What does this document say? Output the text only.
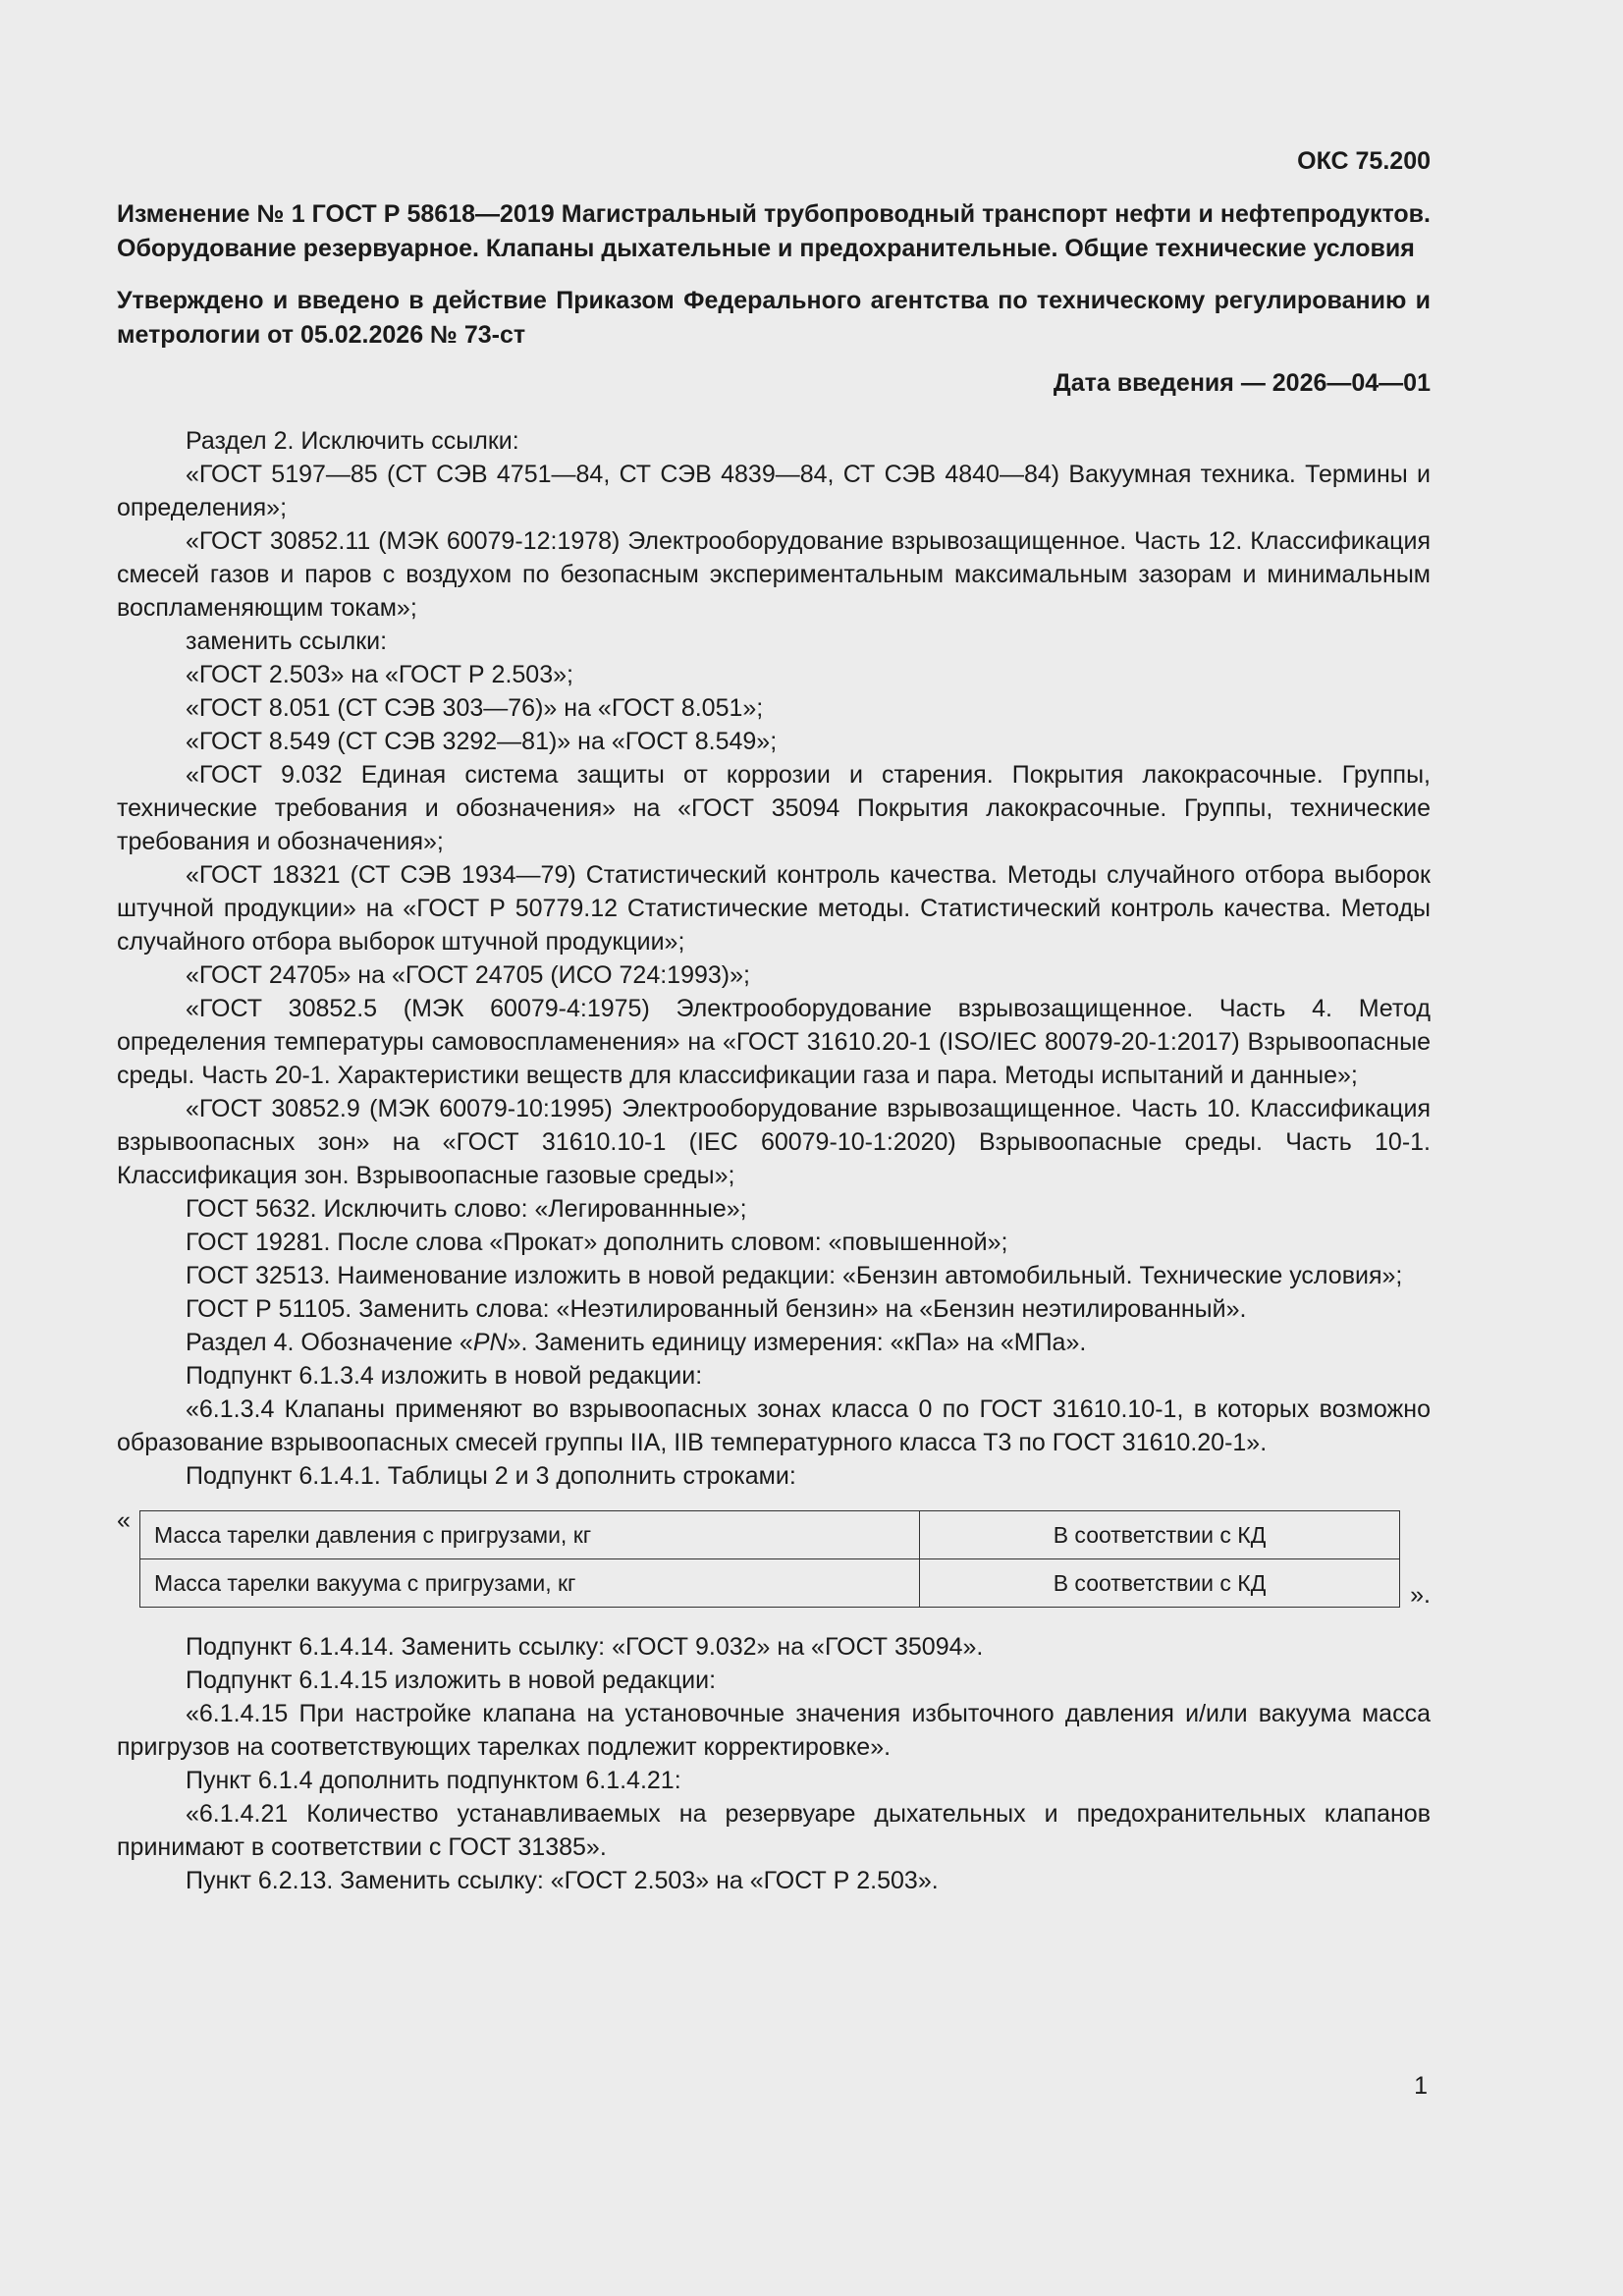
ОКС 75.200
Изменение № 1 ГОСТ Р 58618—2019 Магистральный трубопроводный транспорт нефти и нефтепродуктов. Оборудование резервуарное. Клапаны дыхательные и предохранительные. Общие технические условия
Утверждено и введено в действие Приказом Федерального агентства по техническому регулированию и метрологии от 05.02.2026 № 73-ст
Дата введения — 2026—04—01

Раздел 2. Исключить ссылки:

«ГОСТ 5197—85 (СТ СЭВ 4751—84, СТ СЭВ 4839—84, СТ СЭВ 4840—84) Вакуумная техника. Термины и определения»;

«ГОСТ 30852.11 (МЭК 60079-12:1978) Электрооборудование взрывозащищенное. Часть 12. Классификация смесей газов и паров с воздухом по безопасным экспериментальным максимальным зазорам и минимальным воспламеняющим токам»;

заменить ссылки:

«ГОСТ 2.503» на «ГОСТ Р 2.503»;

«ГОСТ 8.051 (СТ СЭВ 303—76)» на «ГОСТ 8.051»;

«ГОСТ 8.549 (СТ СЭВ 3292—81)» на «ГОСТ 8.549»;

«ГОСТ 9.032 Единая система защиты от коррозии и старения. Покрытия лакокрасочные. Группы, технические требования и обозначения» на «ГОСТ 35094 Покрытия лакокрасочные. Группы, технические требования и обозначения»;

«ГОСТ 18321 (СТ СЭВ 1934—79) Статистический контроль качества. Методы случайного отбора выборок штучной продукции» на «ГОСТ Р 50779.12 Статистические методы. Статистический контроль качества. Методы случайного отбора выборок штучной продукции»;

«ГОСТ 24705» на «ГОСТ 24705 (ИСО 724:1993)»;

«ГОСТ 30852.5 (МЭК 60079-4:1975) Электрооборудование взрывозащищенное. Часть 4. Метод определения температуры самовоспламенения» на «ГОСТ 31610.20-1 (ISO/IEC 80079-20-1:2017) Взрывоопасные среды. Часть 20-1. Характеристики веществ для классификации газа и пара. Методы испытаний и данные»;

«ГОСТ 30852.9 (МЭК 60079-10:1995) Электрооборудование взрывозащищенное. Часть 10. Классификация взрывоопасных зон» на «ГОСТ 31610.10-1 (IEC 60079-10-1:2020) Взрывоопасные среды. Часть 10-1. Классификация зон. Взрывоопасные газовые среды»;

ГОСТ 5632. Исключить слово: «Легированнные»;

ГОСТ 19281. После слова «Прокат» дополнить словом: «повышенной»;

ГОСТ 32513. Наименование изложить в новой редакции: «Бензин автомобильный. Технические условия»;

ГОСТ Р 51105. Заменить слова: «Неэтилированный бензин» на «Бензин неэтилированный».

Раздел 4. Обозначение «PN». Заменить единицу измерения: «кПа» на «МПа».

Подпункт 6.1.3.4 изложить в новой редакции:

«6.1.3.4 Клапаны применяют во взрывоопасных зонах класса 0 по ГОСТ 31610.10-1, в которых возможно образование взрывоопасных смесей группы IIA, IIB температурного класса Т3 по ГОСТ 31610.20-1».

Подпункт 6.1.4.1. Таблицы 2 и 3 дополнить строками:

«
Масса тарелки давления с пригрузами, кг	В соответствии с КД
Масса тарелки вакуума с пригрузами, кг	В соответствии с КД	».

Подпункт 6.1.4.14. Заменить ссылку: «ГОСТ 9.032» на «ГОСТ 35094».

Подпункт 6.1.4.15 изложить в новой редакции:

«6.1.4.15 При настройке клапана на установочные значения избыточного давления и/или вакуума масса пригрузов на соответствующих тарелках подлежит корректировке».

Пункт 6.1.4 дополнить подпунктом 6.1.4.21:

«6.1.4.21 Количество устанавливаемых на резервуаре дыхательных и предохранительных клапанов принимают в соответствии с ГОСТ 31385».

Пункт 6.2.13. Заменить ссылку: «ГОСТ 2.503» на «ГОСТ Р 2.503».

1
